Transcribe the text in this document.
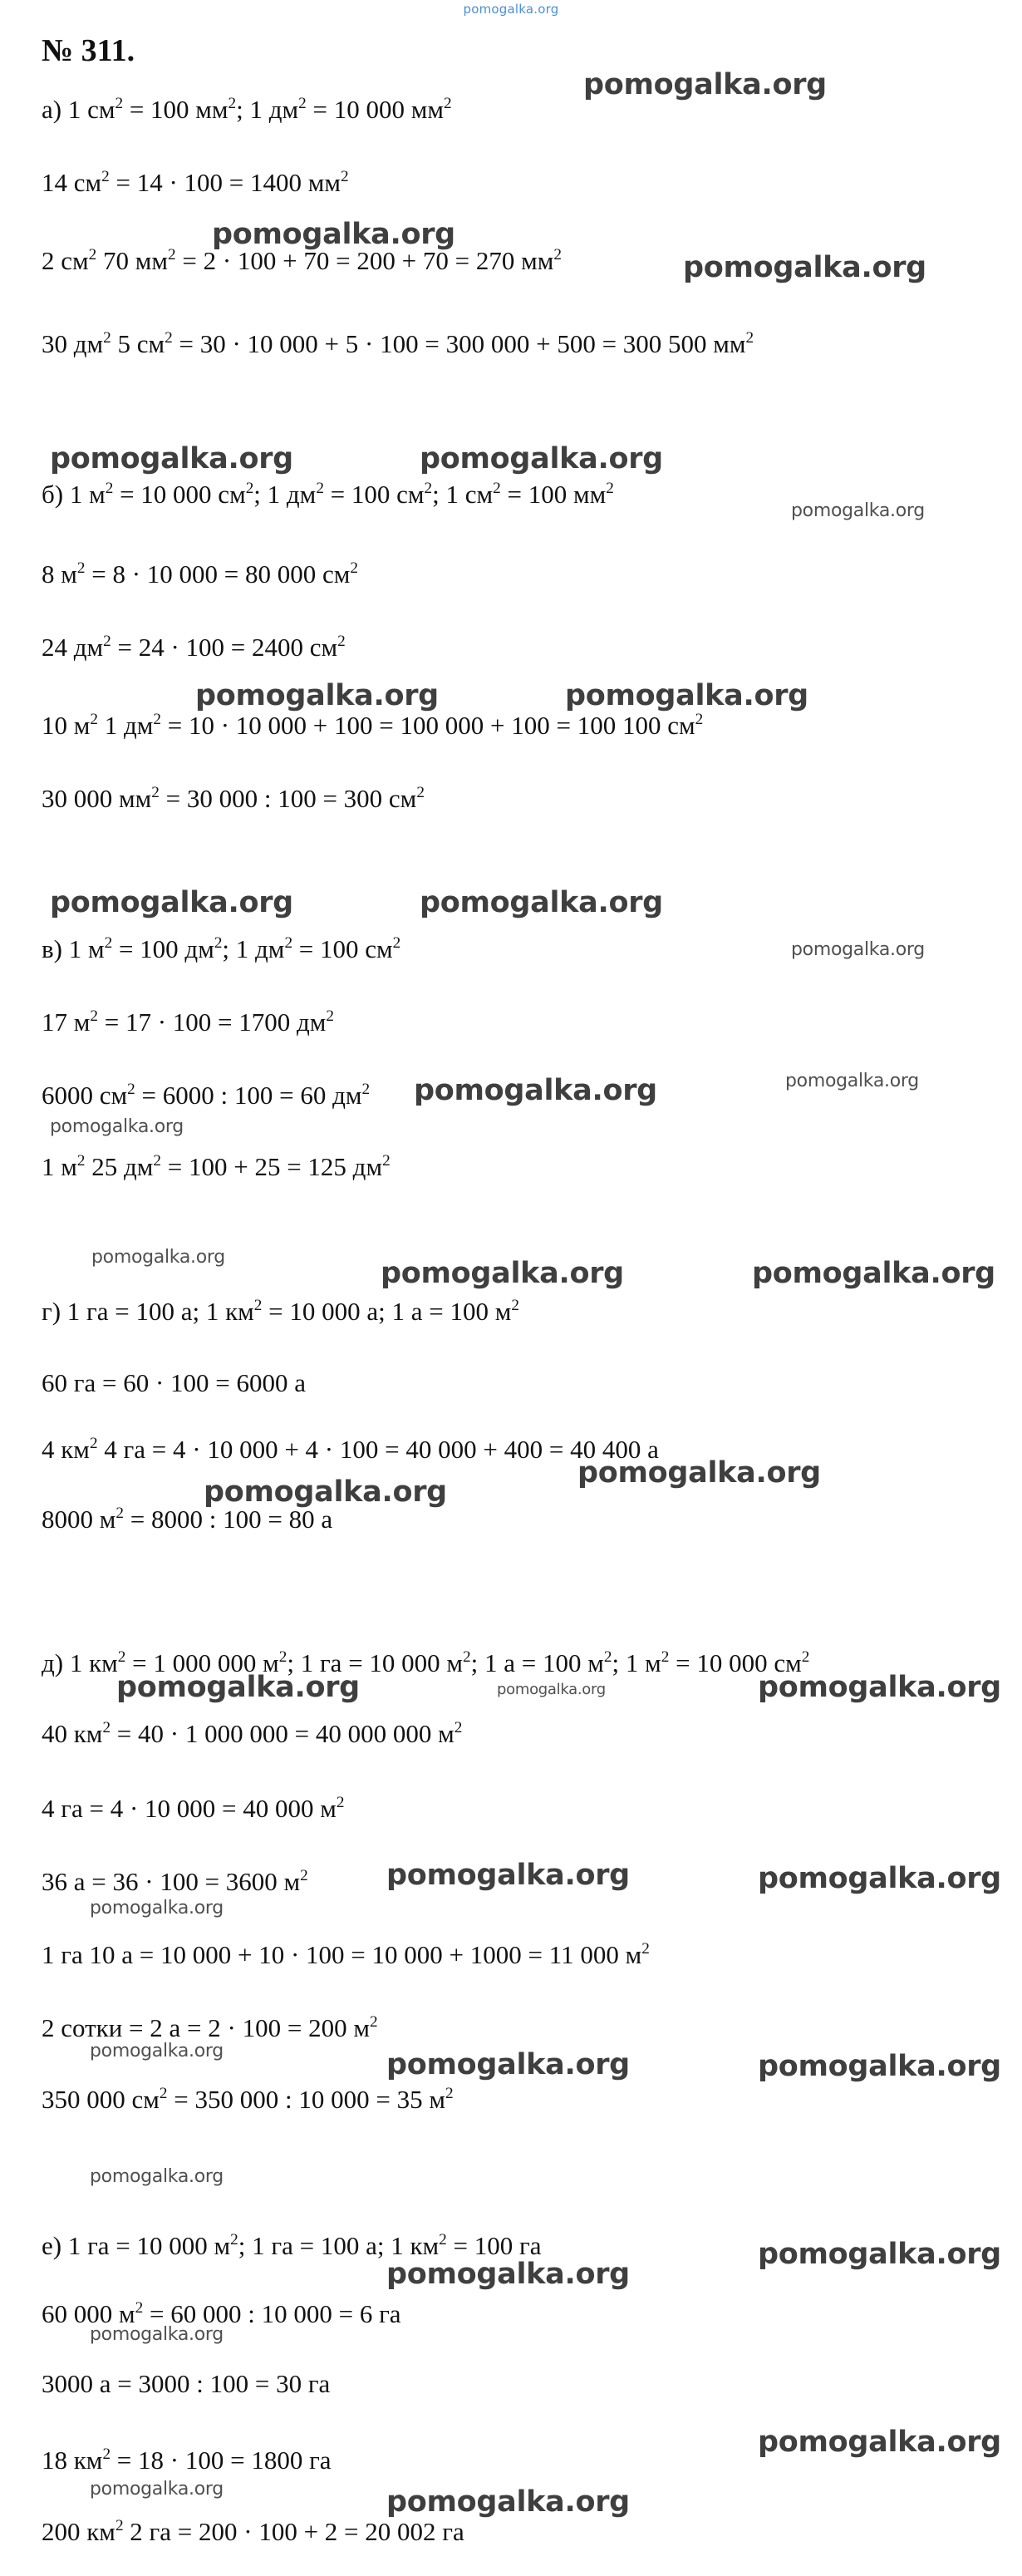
pomogalka.org
№ 311.
а) 1 $см^2 = 100$ $мм^2$; 1 $дм^2 = 10$ 000 $мм^2$
14 $см^2 = 14 \cdot 100 = 1400$ $мм^2$
2 $см^2$ 70 $мм^2 = 2 \cdot 100 + 70 = 200 + 70 = 270$ $мм^2$
30 $дм^2$ 5 $см^2 = 30 \cdot 10$ 000 + 5 · 100 = 300 000 + 500 = 300 500 $мм^2$
б) 1 $м^2 = 10$ 000 $см^2$; 1 $дм^2 = 100$ $см^2$; 1 $см^2 = 100$ $мм^2$
8 $м^2 = 8 \cdot 10$ 000 = 80 000 $см^2$
24 $дм^2 = 24 \cdot 100 = 2400$ $см^2$
10 $м^2$ 1 $дм^2 = 10 \cdot 10$ 000 + 100 = 100 000 + 100 = 100 100 $см^2$
30 000 $мм^2 = 30$ 000 : 100 = 300 $см^2$
в) 1 $м^2 = 100$ $дм^2$; 1 $дм^2 = 100$ $см^2$
17 $м^2 = 17 \cdot 100 = 1700$ $дм^2$
6000 $см^2 = 6000$ : 100 = 60 $дм^2$
1 $м^2$ 25 $дм^2 = 100 + 25 = 125$ $дм^2$
г) 1 га = 100 а; 1 $км^2 = 10$ 000 а; 1 а = 100 $м^2$
60 га = 60 · 100 = 6000 а
4 $км^2$ 4 га = 4 · 10 000 + 4 · 100 = 40 000 + 400 = 40 400 а
8000 $м^2 = 8000$ : 100 = 80 а
д) 1 $км^2 = 1$ 000 000 $м^2$; 1 га = 10 000 $м^2$; 1 а = 100 $м^2$; 1 $м^2 = 10$ 000 $см^2$
40 $км^2 = 40 \cdot 1$ 000 000 = 40 000 000 $м^2$
4 га = 4 · 10 000 = 40 000 $м^2$
36 а = 36 · 100 = 3600 $м^2$
1 га 10 а = 10 000 + 10 · 100 = 10 000 + 1000 = 11 000 $м^2$
2 сотки = 2 а = 2 · 100 = 200 $м^2$
350 000 $см^2 = 350$ 000 : 10 000 = 35 $м^2$
е) 1 га = 10 000 $м^2$; 1 га = 100 а; 1 $км^2 = 100$ га
60 000 $м^2 = 60$ 000 : 10 000 = 6 га
3000 а = 3000 : 100 = 30 га
18 $км^2 = 18 \cdot 100 = 1800$ га
200 $км^2$ 2 га = 200 · 100 + 2 = 20 002 га
pomogalka.org
pomogalka.org
pomogalka.org
pomogalka.org	pomogalka.org
pomogalka.org
pomogalka.org	pomogalka.org
pomogalka.org	pomogalka.org
pomogalka.org
pomogalka.org	pomogalka.org
pomogalka.org
pomogalka.org	pomogalka.org	pomogalka.org
pomogalka.org
pomogalka.org
pomogalka.org	pomogalka.org	pomogalka.org
pomogalka.org	pomogalka.org
pomogalka.org
pomogalka.org	pomogalka.org	pomogalka.org
pomogalka.org
pomogalka.org
pomogalka.org
pomogalka.org
pomogalka.org
pomogalka.org	pomogalka.org
